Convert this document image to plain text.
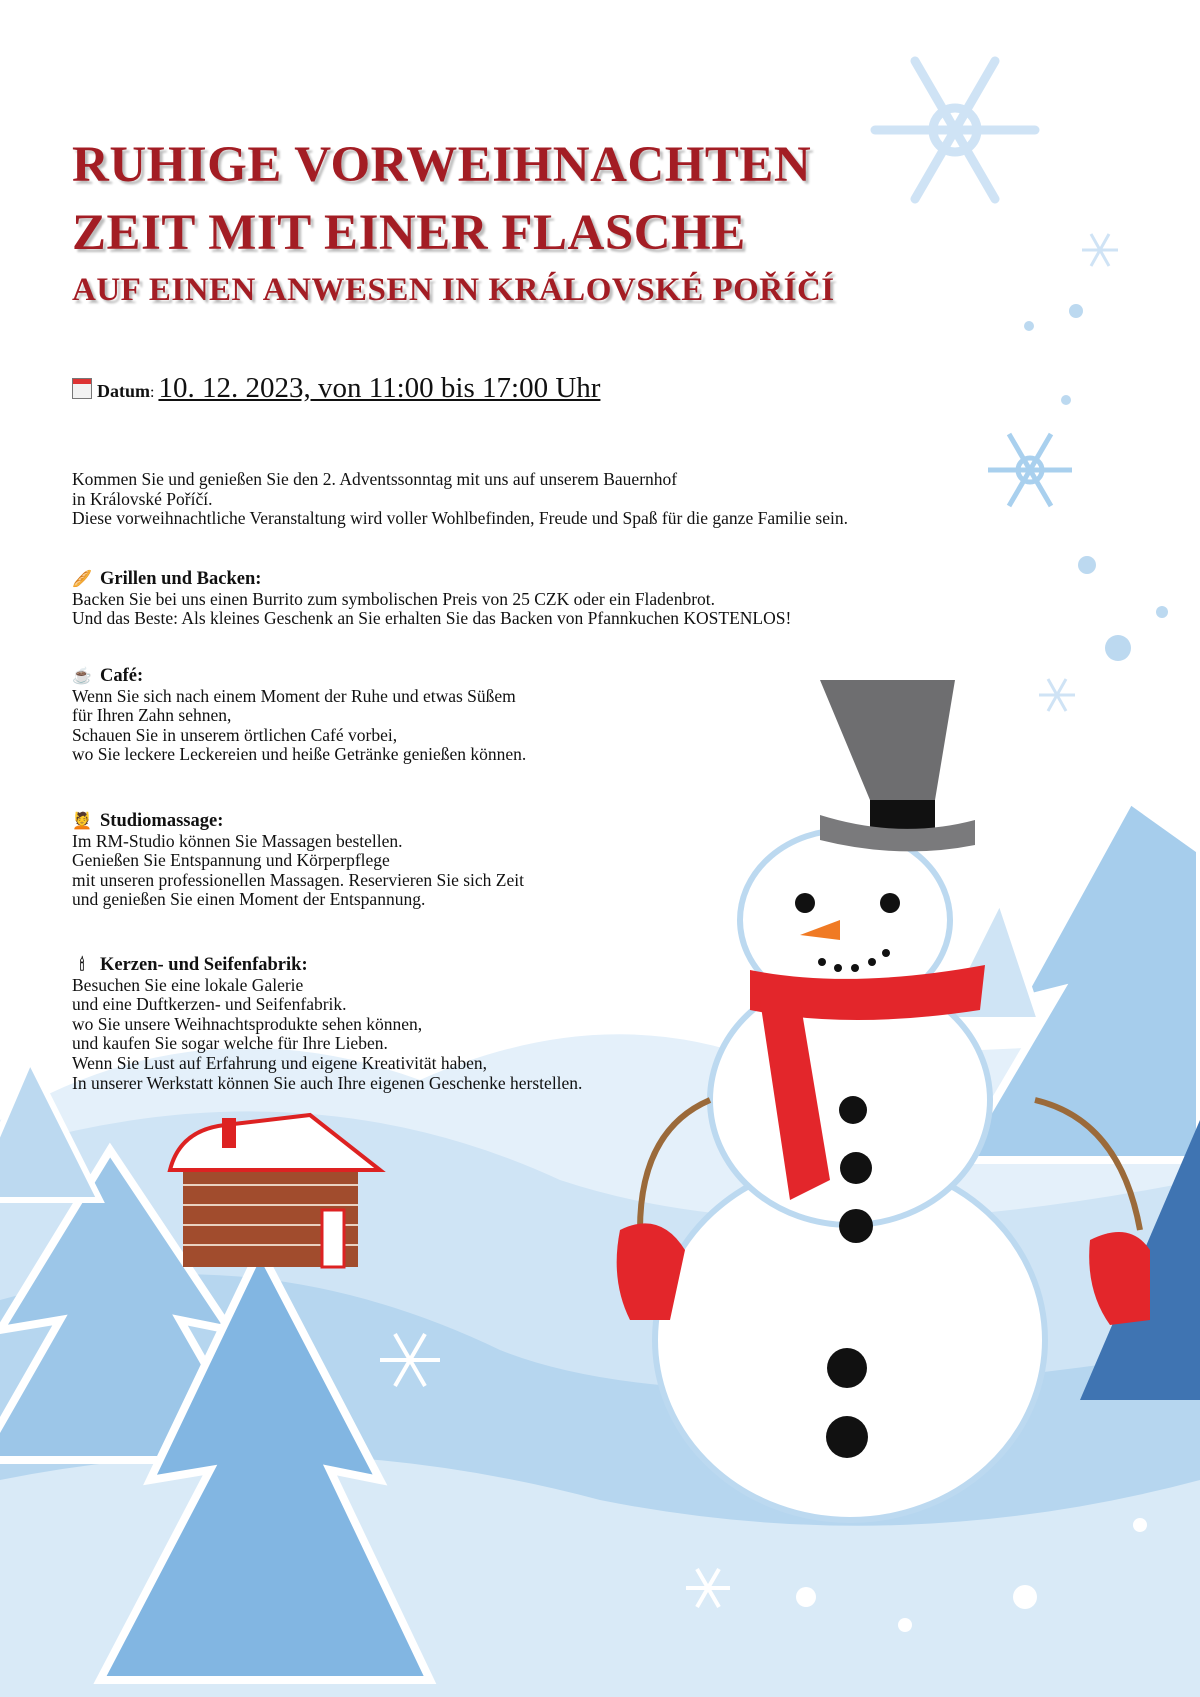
RUHIGE VORWEIHNACHTEN
ZEIT MIT EINER FLASCHE
AUF EINEN ANWESEN IN KRÁLOVSKÉ POŘÍČÍ
Datum: 10. 12. 2023, von 11:00 bis 17:00 Uhr
Kommen Sie und genießen Sie den 2. Adventssonntag mit uns auf unserem Bauernhof
in Královské Poříčí.
Diese vorweihnachtliche Veranstaltung wird voller Wohlbefinden, Freude und Spaß für die ganze Familie sein.
🥖 Grillen und Backen:
Backen Sie bei uns einen Burrito zum symbolischen Preis von 25 CZK oder ein Fladenbrot.
Und das Beste: Als kleines Geschenk an Sie erhalten Sie das Backen von Pfannkuchen KOSTENLOS!
☕ Café:
Wenn Sie sich nach einem Moment der Ruhe und etwas Süßem
für Ihren Zahn sehnen,
Schauen Sie in unserem örtlichen Café vorbei,
wo Sie leckere Leckereien und heiße Getränke genießen können.
💆 Studiomassage:
Im RM-Studio können Sie Massagen bestellen.
Genießen Sie Entspannung und Körperpflege
mit unseren professionellen Massagen. Reservieren Sie sich Zeit
und genießen Sie einen Moment der Entspannung.
🕯 Kerzen- und Seifenfabrik:
Besuchen Sie eine lokale Galerie
und eine Duftkerzen- und Seifenfabrik.
wo Sie unsere Weihnachtsprodukte sehen können,
und kaufen Sie sogar welche für Ihre Lieben.
Wenn Sie Lust auf Erfahrung und eigene Kreativität haben,
In unserer Werkstatt können Sie auch Ihre eigenen Geschenke herstellen.
